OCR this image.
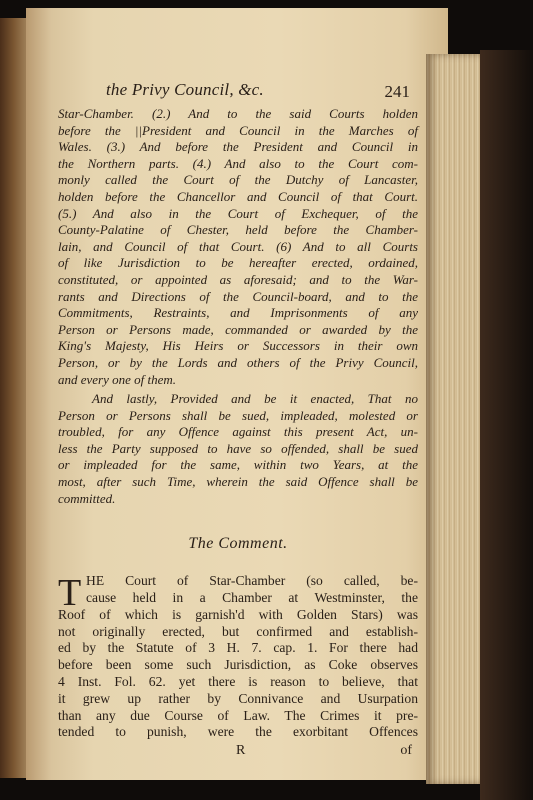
the Privy Council, &c.	241
Star-Chamber. (2.) And to the said Courts holden
before the ||President and Council in the Marches of
Wales. (3.) And before the President and Council in
the Northern parts. (4.) And also to the Court com-
monly called the Court of the Dutchy of Lancaster,
holden before the Chancellor and Council of that Court.
(5.) And also in the Court of Exchequer, of the
County-Palatine of Chester, held before the Chamber-
lain, and Council of that Court. (6) And to all Courts
of like Jurisdiction to be hereafter erected, ordained,
constituted, or appointed as aforesaid; and to the War-
rants and Directions of the Council-board, and to the
Commitments, Restraints, and Imprisonments of any
Person or Persons made, commanded or awarded by the
King's Majesty, His Heirs or Successors in their own
Person, or by the Lords and others of the Privy Council,
and every one of them.
And lastly, Provided and be it enacted, That no
Person or Persons shall be sued, impleaded, molested or
troubled, for any Offence against this present Act, un-
less the Party supposed to have so offended, shall be sued
or impleaded for the same, within two Years, at the
most, after such Time, wherein the said Offence shall be
committed.
The Comment.
T HE Court of Star-Chamber (so called, be-
cause held in a Chamber at Westminster, the
Roof of which is garnish'd with Golden Stars) was
not originally erected, but confirmed and establish-
ed by the Statute of 3 H. 7. cap. 1. For there had
before been some such Jurisdiction, as Coke observes
4 Inst. Fol. 62. yet there is reason to believe, that
it grew up rather by Connivance and Usurpation
than any due Course of Law. The Crimes it pre-
tended to punish, were the exorbitant Offences
R	of
